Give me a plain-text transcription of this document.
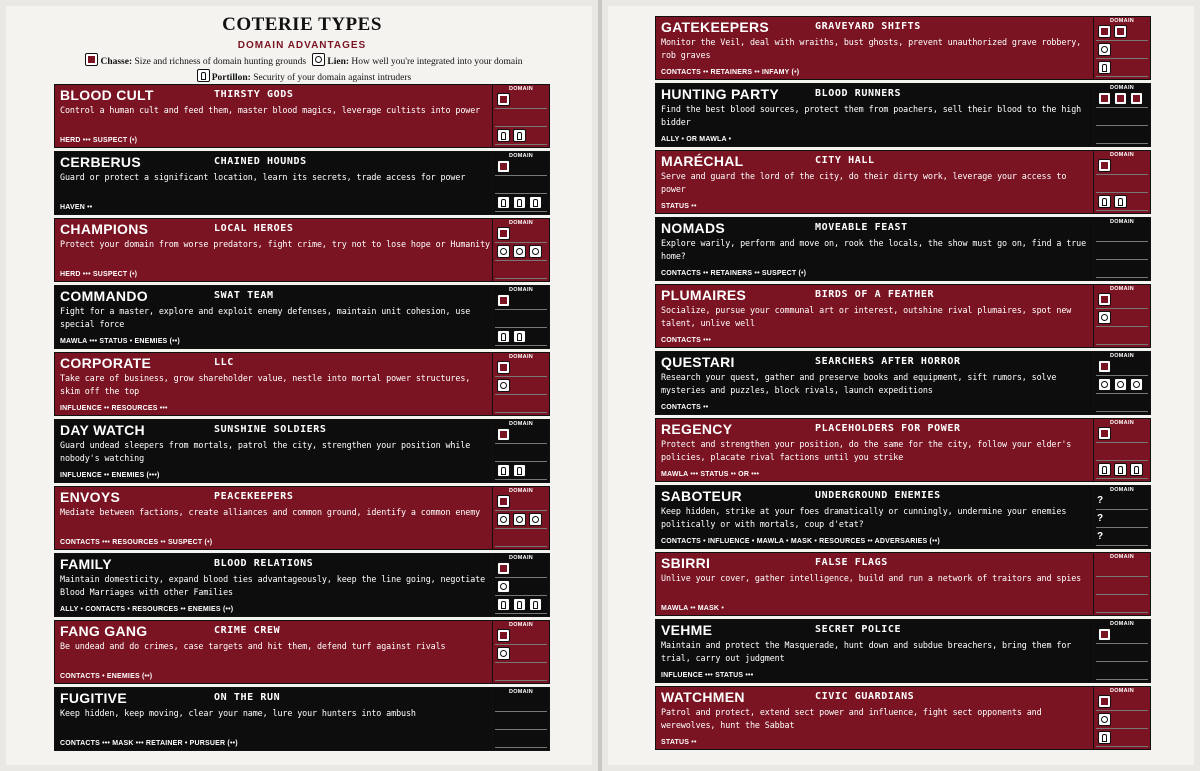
COTERIE TYPES
DOMAIN ADVANTAGES
Chasse: Size and richness of domain hunting grounds Lien: How well you're integrated into your domain
Portillon: Security of your domain against intruders
BLOOD CULT	THIRSTY GODS
Control a human cult and feed them, master blood magics, leverage cultists into power
HERD ••• SUSPECT (•)
DOMAIN
CERBERUS	CHAINED HOUNDS
Guard or protect a significant location, learn its secrets, trade access for power
HAVEN ••
DOMAIN
CHAMPIONS	LOCAL HEROES
Protect your domain from worse predators, fight crime, try not to lose hope or Humanity
HERD ••• SUSPECT (•)
DOMAIN
COMMANDO	SWAT TEAM
Fight for a master, explore and exploit enemy defenses, maintain unit cohesion, use special force
MAWLA ••• STATUS • ENEMIES (••)
DOMAIN
CORPORATE	LLC
Take care of business, grow shareholder value, nestle into mortal power structures, skim off the top
INFLUENCE •• RESOURCES •••
DOMAIN
DAY WATCH	SUNSHINE SOLDIERS
Guard undead sleepers from mortals, patrol the city, strengthen your position while nobody's watching
INFLUENCE •• ENEMIES (•••)
DOMAIN
ENVOYS	PEACEKEEPERS
Mediate between factions, create alliances and common ground, identify a common enemy
CONTACTS ••• RESOURCES •• SUSPECT (•)
DOMAIN
FAMILY	BLOOD RELATIONS
Maintain domesticity, expand blood ties advantageously, keep the line going, negotiate Blood Marriages with other Families
ALLY • CONTACTS • RESOURCES •• ENEMIES (••)
DOMAIN
FANG GANG	CRIME CREW
Be undead and do crimes, case targets and hit them, defend turf against rivals
CONTACTS • ENEMIES (••)
DOMAIN
FUGITIVE	ON THE RUN
Keep hidden, keep moving, clear your name, lure your hunters into ambush
CONTACTS ••• MASK ••• RETAINER • PURSUER (••)
DOMAIN
GATEKEEPERS	GRAVEYARD SHIFTS
Monitor the Veil, deal with wraiths, bust ghosts, prevent unauthorized grave robbery, rob graves
CONTACTS •• RETAINERS •• INFAMY (•)
DOMAIN
HUNTING PARTY	BLOOD RUNNERS
Find the best blood sources, protect them from poachers, sell their blood to the high bidder
ALLY • OR MAWLA •
DOMAIN
MARÉCHAL	CITY HALL
Serve and guard the lord of the city, do their dirty work, leverage your access to power
STATUS ••
DOMAIN
NOMADS	MOVEABLE FEAST
Explore warily, perform and move on, rook the locals, the show must go on, find a true home?
CONTACTS •• RETAINERS •• SUSPECT (•)
DOMAIN
PLUMAIRES	BIRDS OF A FEATHER
Socialize, pursue your communal art or interest, outshine rival plumaires, spot new talent, unlive well
CONTACTS •••
DOMAIN
QUESTARI	SEARCHERS AFTER HORROR
Research your quest, gather and preserve books and equipment, sift rumors, solve mysteries and puzzles, block rivals, launch expeditions
CONTACTS ••
DOMAIN
REGENCY	PLACEHOLDERS FOR POWER
Protect and strengthen your position, do the same for the city, follow your elder's policies, placate rival factions until you strike
MAWLA ••• STATUS •• OR •••
DOMAIN
SABOTEUR	UNDERGROUND ENEMIES
Keep hidden, strike at your foes dramatically or cunningly, undermine your enemies politically or with mortals, coup d'etat?
CONTACTS • INFLUENCE • MAWLA • MASK • RESOURCES •• ADVERSARIES (••)
DOMAIN
?
?
?
SBIRRI	FALSE FLAGS
Unlive your cover, gather intelligence, build and run a network of traitors and spies
MAWLA •• MASK •
DOMAIN
VEHME	SECRET POLICE
Maintain and protect the Masquerade, hunt down and subdue breachers, bring them for trial, carry out judgment
INFLUENCE ••• STATUS •••
DOMAIN
WATCHMEN	CIVIC GUARDIANS
Patrol and protect, extend sect power and influence, fight sect opponents and werewolves, hunt the Sabbat
STATUS ••
DOMAIN
